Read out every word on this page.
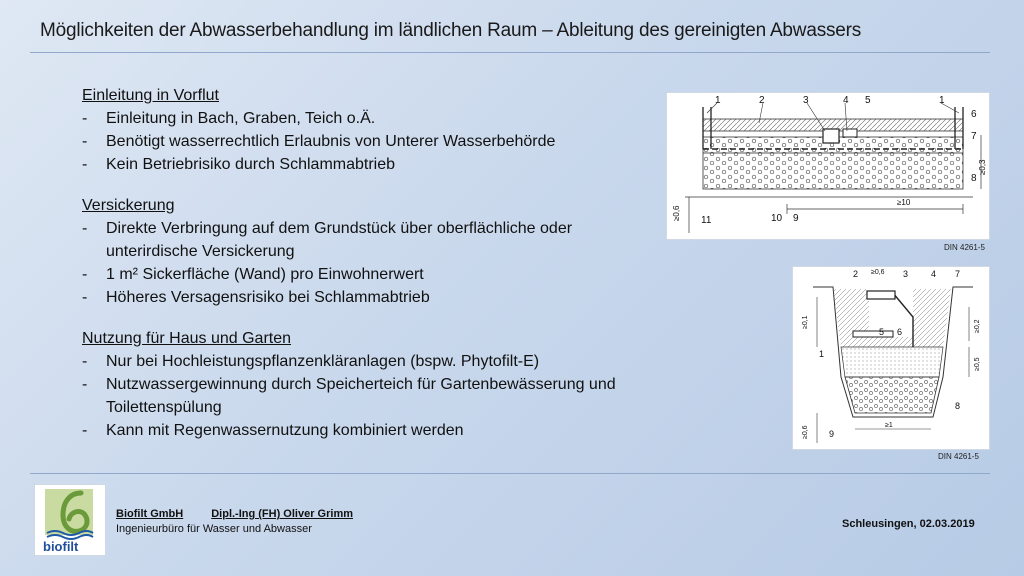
Möglichkeiten der Abwasserbehandlung im ländlichen Raum – Ableitung des gereinigten Abwassers
Einleitung in Vorflut
- Einleitung in Bach, Graben, Teich o.Ä.
- Benötigt wasserrechtlich Erlaubnis von Unterer Wasserbehörde
- Kein Betriebrisiko durch Schlammabtrieb
Versickerung
- Direkte Verbringung auf dem Grundstück über oberflächliche oder unterirdische Versickerung
- 1 m² Sickerfläche (Wand) pro Einwohnerwert
- Höheres Versagensrisiko bei Schlammabtrieb
Nutzung für Haus und Garten
- Nur bei Hochleistungspflanzenkläranlagen (bspw. Phytofilt-E)
- Nutzwassergewinnung durch Speicherteich für Gartenbewässerung und Toilettenspülung
- Kann mit Regenwassernutzung kombiniert werden
1	2	3	4 5	1
6
7
8
11	10 9
≥10
≥0,3
≥0,6
DIN 4261-5
2 ≥0,6 3	4 7
5 6
1
8
9
≥1
≥0,1	≥0,2
≥0,5
≥0,6
DIN 4261-5
biofilt
Biofilt GmbH	Dipl.-Ing (FH) Oliver Grimm
Ingenieurbüro für Wasser und Abwasser	Schleusingen, 02.03.2019
